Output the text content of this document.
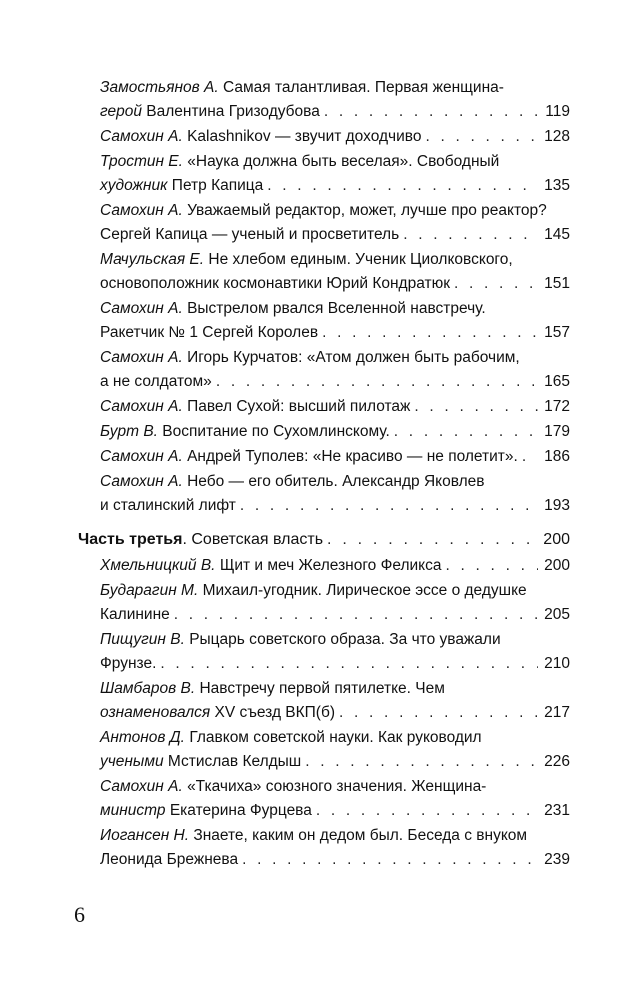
Замостьянов А. Самая талантливая. Первая женщина-
герой Валентина Гризодубова . . .	119
Самохин А. Kalashnikov — звучит доходчиво . . .	128
Тростин Е. «Наука должна быть веселая». Свободный
художник Петр Капица . . .	135
Самохин А. Уважаемый редактор, может, лучше про реактор?
Сергей Капица — ученый и просветитель . . .	145
Мачульская Е. Не хлебом единым. Ученик Циолковского,
основоположник космонавтики Юрий Кондратюк . . .	151
Самохин А. Выстрелом рвался Вселенной навстречу.
Ракетчик № 1 Сергей Королев . . .	157
Самохин А. Игорь Курчатов: «Атом должен быть рабочим,
а не солдатом» . . .	165
Самохин А. Павел Сухой: высший пилотаж . . .	172
Бурт В. Воспитание по Сухомлинскому. . . .	179
Самохин А. Андрей Туполев: «Не красиво — не полетит». . . . 186
Самохин А. Небо — его обитель. Александр Яковлев
и сталинский лифт . . .	193
Часть третья. Советская власть . . .	200
Хмельницкий В. Щит и меч Железного Феликса . . .	200
Бударагин М. Михаил-угодник. Лирическое эссе о дедушке
Калинине . . .	205
Пищугин В. Рыцарь советского образа. За что уважали
Фрунзе. . . .	210
Шамбаров В. Навстречу первой пятилетке. Чем
ознаменовался XV съезд ВКП(б) . . .	217
Антонов Д. Главком советской науки. Как руководил
учеными Мстислав Келдыш . . .	226
Самохин А. «Ткачиха» союзного значения. Женщина-
министр Екатерина Фурцева . . .	231
Иогансен Н. Знаете, каким он дедом был. Беседа с внуком
Леонида Брежнева . . .	239
6
